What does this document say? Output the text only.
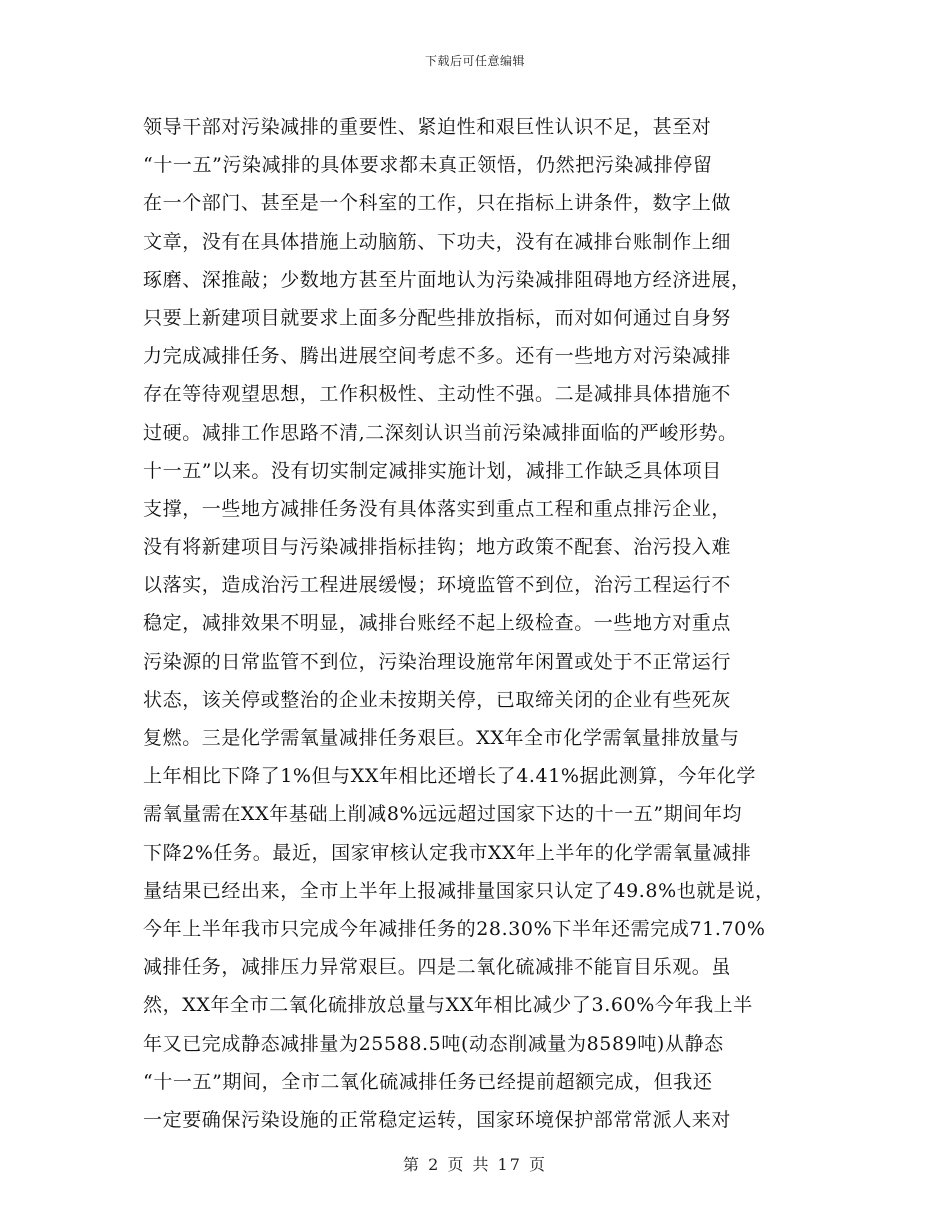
下载后可任意编辑
领导干部对污染减排的重要性、紧迫性和艰巨性认识不足，甚至对
“十一五”污染减排的具体要求都未真正领悟，仍然把污染减排停留
在一个部门、甚至是一个科室的工作，只在指标上讲条件，数字上做
文章，没有在具体措施上动脑筋、下功夫，没有在减排台账制作上细
琢磨、深推敲；少数地方甚至片面地认为污染减排阻碍地方经济进展，
只要上新建项目就要求上面多分配些排放指标，而对如何通过自身努
力完成减排任务、腾出进展空间考虑不多。还有一些地方对污染减排
存在等待观望思想，工作积极性、主动性不强。二是减排具体措施不
过硬。减排工作思路不清,二深刻认识当前污染减排面临的严峻形势。
十一五”以来。没有切实制定减排实施计划，减排工作缺乏具体项目
支撑，一些地方减排任务没有具体落实到重点工程和重点排污企业，
没有将新建项目与污染减排指标挂钩；地方政策不配套、治污投入难
以落实，造成治污工程进展缓慢；环境监管不到位，治污工程运行不
稳定，减排效果不明显，减排台账经不起上级检查。一些地方对重点
污染源的日常监管不到位，污染治理设施常年闲置或处于不正常运行
状态，该关停或整治的企业未按期关停，已取缔关闭的企业有些死灰
复燃。三是化学需氧量减排任务艰巨。XX年全市化学需氧量排放量与
上年相比下降了1%但与XX年相比还增长了4.41%据此测算，今年化学
需氧量需在XX年基础上削减8%远远超过国家下达的十一五”期间年均
下降2%任务。最近，国家审核认定我市XX年上半年的化学需氧量减排
量结果已经出来，全市上半年上报减排量国家只认定了49.8%也就是说，
今年上半年我市只完成今年减排任务的28.30%下半年还需完成71.70%
减排任务，减排压力异常艰巨。四是二氧化硫减排不能盲目乐观。虽
然，XX年全市二氧化硫排放总量与XX年相比减少了3.60%今年我上半
年又已完成静态减排量为25588.5吨(动态削减量为8589吨)从静态
“十一五”期间，全市二氧化硫减排任务已经提前超额完成，但我还
一定要确保污染设施的正常稳定运转，国家环境保护部常常派人来对
第 2 页 共 17 页
